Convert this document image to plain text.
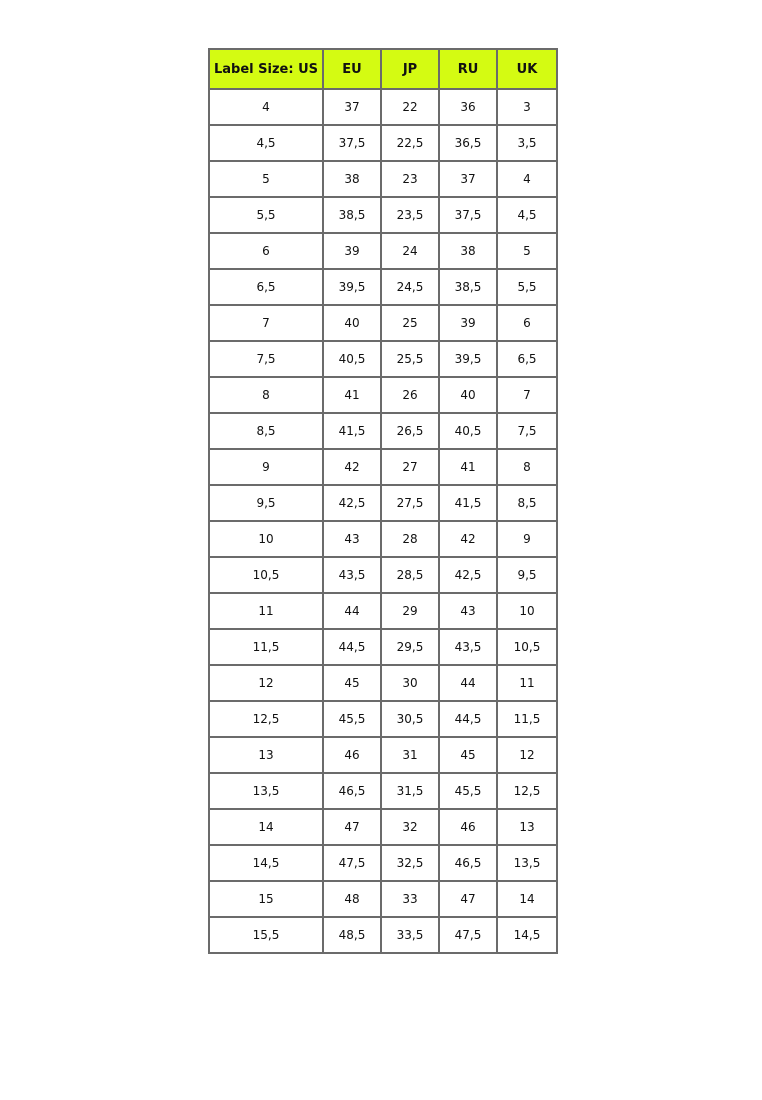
Label Size: US	EU	JP	RU	UK
4	37	22	36	3
4,5	37,5	22,5	36,5	3,5
5	38	23	37	4
5,5	38,5	23,5	37,5	4,5
6	39	24	38	5
6,5	39,5	24,5	38,5	5,5
7	40	25	39	6
7,5	40,5	25,5	39,5	6,5
8	41	26	40	7
8,5	41,5	26,5	40,5	7,5
9	42	27	41	8
9,5	42,5	27,5	41,5	8,5
10	43	28	42	9
10,5	43,5	28,5	42,5	9,5
11	44	29	43	10
11,5	44,5	29,5	43,5	10,5
12	45	30	44	11
12,5	45,5	30,5	44,5	11,5
13	46	31	45	12
13,5	46,5	31,5	45,5	12,5
14	47	32	46	13
14,5	47,5	32,5	46,5	13,5
15	48	33	47	14
15,5	48,5	33,5	47,5	14,5
